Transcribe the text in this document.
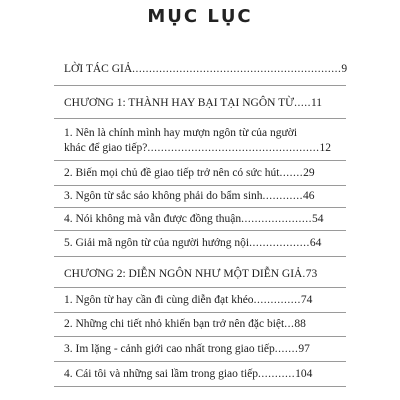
MỤC LỤC
LỜI TÁC GIẢ..............................................................9
CHƯƠNG 1: THÀNH HAY BẠI TẠI NGÔN TỪ.....11
1. Nên là chính mình hay mượn ngôn từ của người
khác để giao tiếp?...................................................12
2. Biến mọi chủ đề giao tiếp trở nên có sức hút.......29
3. Ngôn từ sắc sảo không phải do bẩm sinh............46
4. Nói không mà vẫn được đồng thuận.....................54
5. Giải mã ngôn từ của người hướng nội..................64
CHƯƠNG 2: DIỄN NGÔN NHƯ MỘT DIỄN GIẢ.73
1. Ngôn từ hay cần đi cùng diễn đạt khéo..............74
2. Những chi tiết nhỏ khiến bạn trở nên đặc biệt...88
3. Im lặng - cảnh giới cao nhất trong giao tiếp.......97
4. Cái tôi và những sai lầm trong giao tiếp...........104
